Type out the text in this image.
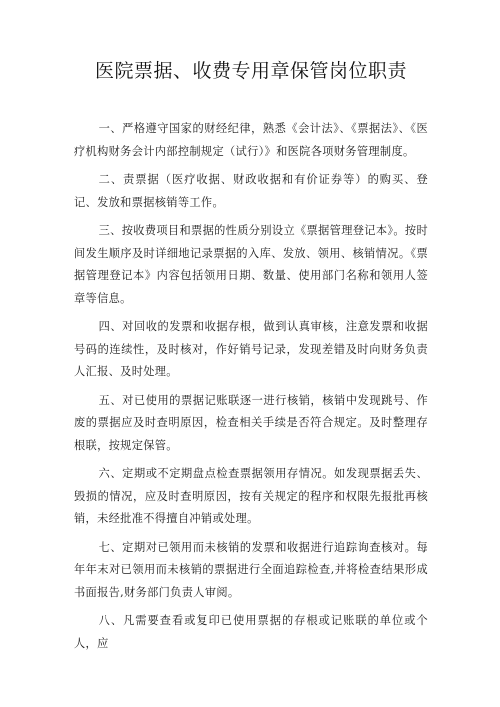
医院票据、收费专用章保管岗位职责

一、严格遵守国家的财经纪律，熟悉《会计法》、《票据法》、《医疗机构财务会计内部控制规定（试行）》和医院各项财务管理制度。

二、责票据（医疗收据、财政收据和有价证券等）的购买、登记、发放和票据核销等工作。

三、按收费项目和票据的性质分别设立《票据管理登记本》。按时间发生顺序及时详细地记录票据的入库、发放、领用、核销情况。《票据管理登记本》内容包括领用日期、数量、使用部门名称和领用人签章等信息。

四、对回收的发票和收据存根，做到认真审核，注意发票和收据号码的连续性，及时核对，作好销号记录，发现差错及时向财务负责人汇报、及时处理。

五、对已使用的票据记账联逐一进行核销，核销中发现跳号、作废的票据应及时查明原因，检查相关手续是否符合规定。及时整理存根联，按规定保管。

六、定期或不定期盘点检查票据领用存情况。如发现票据丢失、毁损的情况，应及时查明原因，按有关规定的程序和权限先报批再核销，未经批准不得擅自冲销或处理。

七、定期对已领用而未核销的发票和收据进行追踪询查核对。每年年末对已领用而未核销的票据进行全面追踪检查,并将检查结果形成书面报告,财务部门负责人审阅。

八、凡需要查看或复印已使用票据的存根或记账联的单位或个人，应
